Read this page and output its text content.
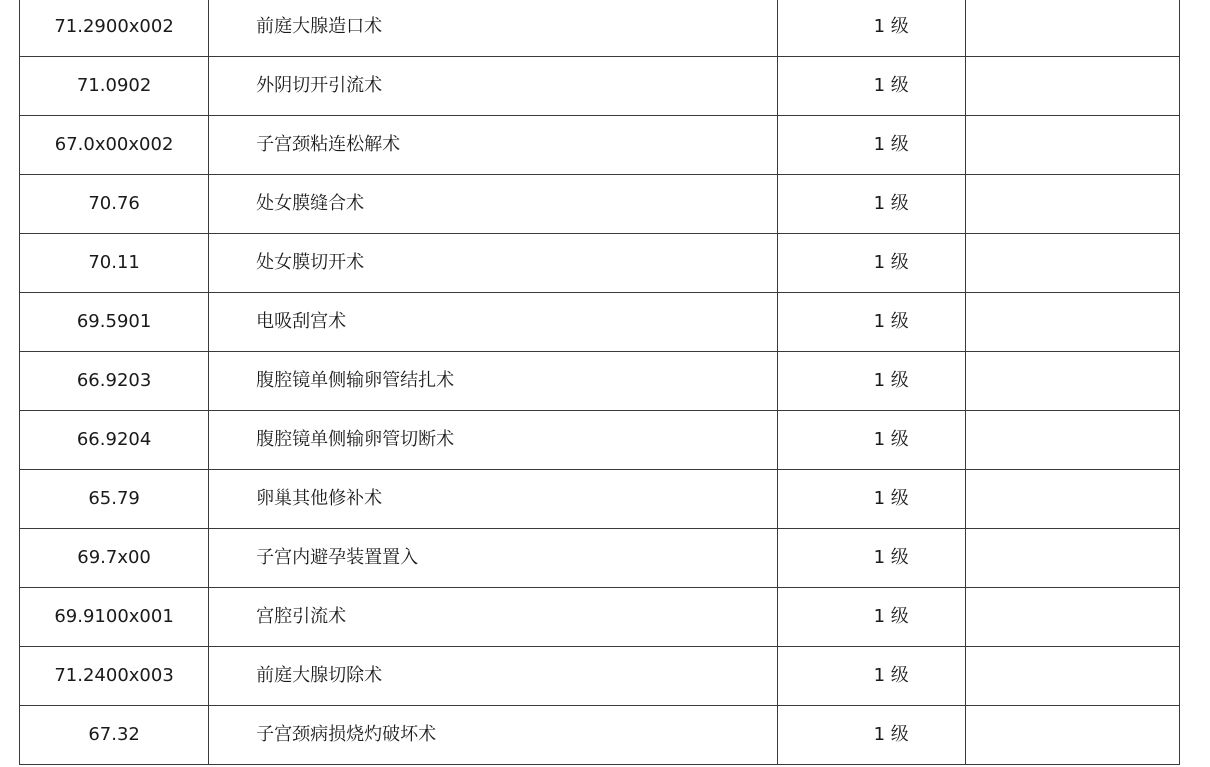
71.2900x002	前庭大腺造口术	1 级	
71.0902	外阴切开引流术	1 级	
67.0x00x002	子宫颈粘连松解术	1 级	
70.76	处女膜缝合术	1 级	
70.11	处女膜切开术	1 级	
69.5901	电吸刮宫术	1 级	
66.9203	腹腔镜单侧输卵管结扎术	1 级	
66.9204	腹腔镜单侧输卵管切断术	1 级	
65.79	卵巢其他修补术	1 级	
69.7x00	子宫内避孕装置置入	1 级	
69.9100x001	宫腔引流术	1 级	
71.2400x003	前庭大腺切除术	1 级	
67.32	子宫颈病损烧灼破坏术	1 级	
